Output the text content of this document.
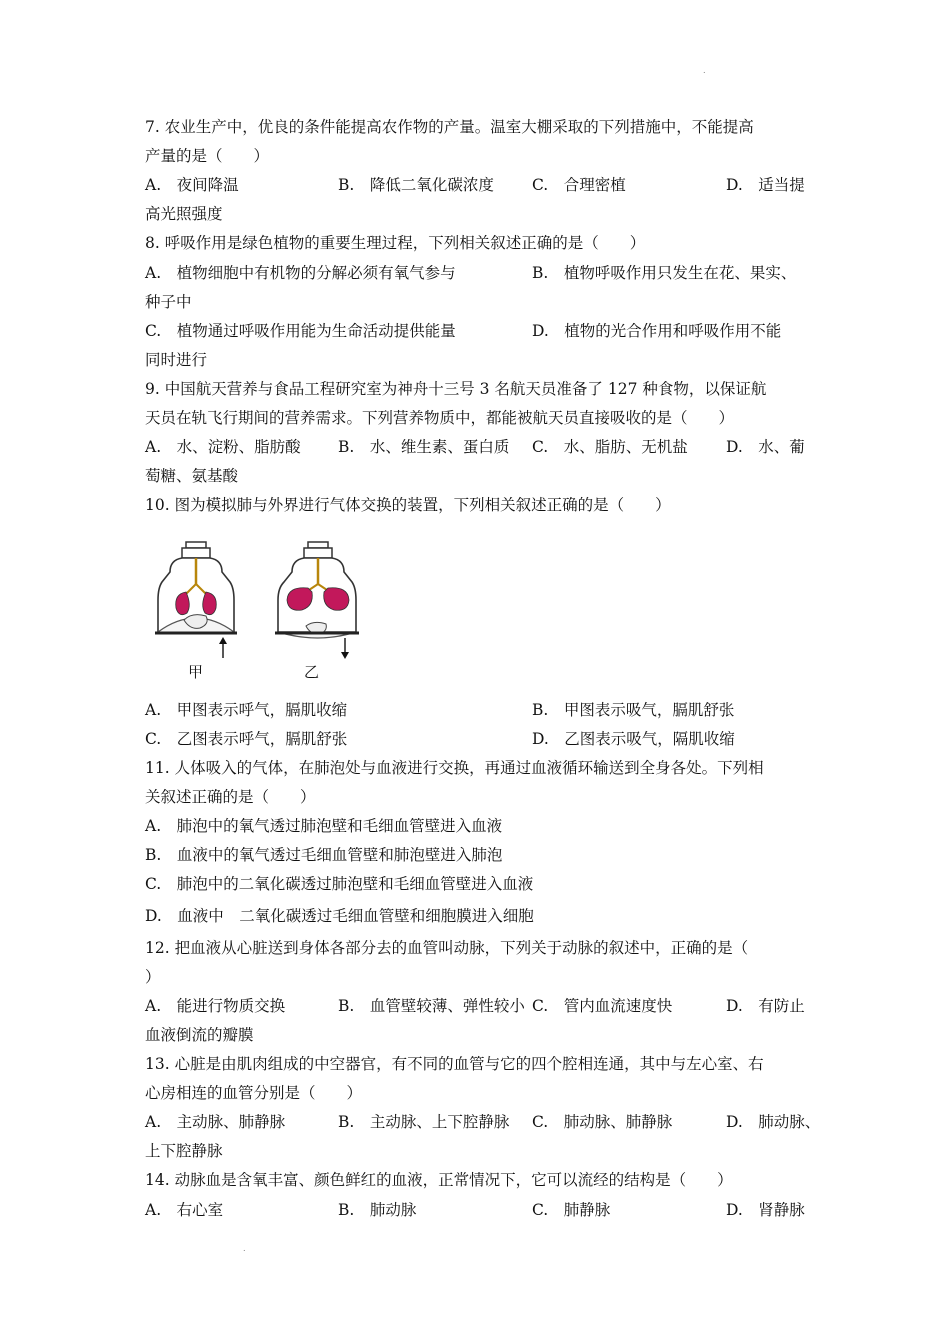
.
7. 农业生产中，优良的条件能提高农作物的产量。温室大棚采取的下列措施中，不能提高
产量的是（　　）
A.　夜间降温	B.　降低二氧化碳浓度 C.　合理密植	D.　适当提
高光照强度
8. 呼吸作用是绿色植物的重要生理过程，下列相关叙述正确的是（　　）
A.　植物细胞中有机物的分解必须有氧气参与	B.　植物呼吸作用只发生在花、果实、
种子中
C.　植物通过呼吸作用能为生命活动提供能量	D.　植物的光合作用和呼吸作用不能
同时进行
9. 中国航天营养与食品工程研究室为神舟十三号 3 名航天员准备了 127 种食物，以保证航
天员在轨飞行期间的营养需求。下列营养物质中，都能被航天员直接吸收的是（　　）
A.　水、淀粉、脂肪酸 B.　水、维生素、蛋白质 C.　水、脂肪、无机盐 D.　水、葡
萄糖、氨基酸
10. 图为模拟肺与外界进行气体交换的装置，下列相关叙述正确的是（　　）
甲	乙
A.　甲图表示呼气，膈肌收缩	B.　甲图表示吸气，膈肌舒张
C.　乙图表示呼气，膈肌舒张	D.　乙图表示吸气，隔肌收缩
11. 人体吸入的气体，在肺泡处与血液进行交换，再通过血液循环输送到全身各处。下列相
关叙述正确的是（　　）
A.　肺泡中的氧气透过肺泡壁和毛细血管壁进入血液
B.　血液中的氧气透过毛细血管壁和肺泡壁进入肺泡
C.　肺泡中的二氧化碳透过肺泡壁和毛细血管壁进入血液
D.　血液中　二氧化碳透过毛细血管壁和细胞膜进入细胞
12. 把血液从心脏送到身体各部分去的血管叫动脉，下列关于动脉的叙述中，正确的是（
）
A.　能进行物质交换	B.　血管壁较薄、弹性较小 C.　管内血流速度快	D.　有防止
血液倒流的瓣膜
13. 心脏是由肌肉组成的中空器官，有不同的血管与它的四个腔相连通，其中与左心室、右
心房相连的血管分别是（　　）
A.　主动脉、肺静脉	B.　主动脉、上下腔静脉 C.　肺动脉、肺静脉	D.　肺动脉、
上下腔静脉
14. 动脉血是含氧丰富、颜色鲜红的血液，正常情况下，它可以流经的结构是（　　）
A.　右心室	B.　肺动脉	C.　肺静脉	D.　肾静脉
.
